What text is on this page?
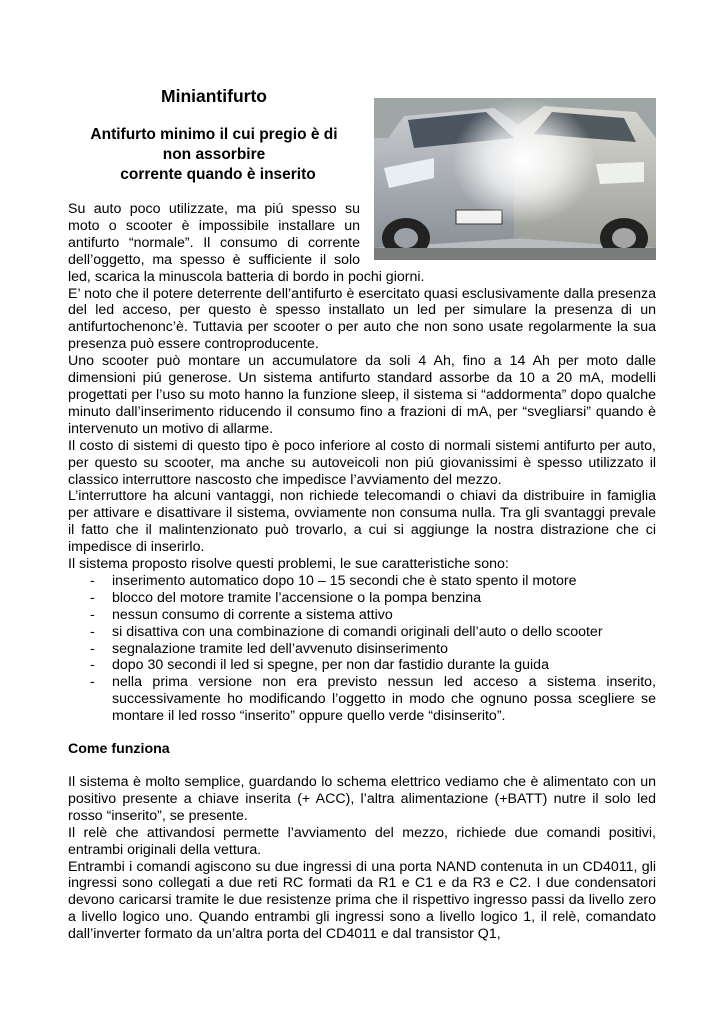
Miniantifurto
Antifurto minimo il cui pregio è di
non assorbire
corrente quando è inserito

Su auto poco utilizzate, ma piú spesso su moto o scooter è impossibile installare un antifurto “normale”. Il consumo di corrente dell’oggetto, ma spesso è sufficiente il solo led, scarica la minuscola batteria di bordo in pochi giorni.

E’ noto che il potere deterrente dell’antifurto è esercitato quasi esclusivamente dalla presenza del led acceso, per questo è spesso installato un led per simulare la presenza di un antifurtochenonc’è. Tuttavia per scooter o per auto che non sono usate regolarmente la sua presenza può essere controproducente.

Uno scooter può montare un accumulatore da soli 4 Ah, fino a 14 Ah per moto dalle dimensioni piú generose. Un sistema antifurto standard assorbe da 10 a 20 mA, modelli progettati per l’uso su moto hanno la funzione sleep, il sistema si “addormenta” dopo qualche minuto dall’inserimento riducendo il consumo fino a frazioni di mA, per “svegliarsi” quando è intervenuto un motivo di allarme.

Il costo di sistemi di questo tipo è poco inferiore al costo di normali sistemi antifurto per auto, per questo su scooter, ma anche su autoveicoli non piú giovanissimi è spesso utilizzato il classico interruttore nascosto che impedisce l’avviamento del mezzo.

L’interruttore ha alcuni vantaggi, non richiede telecomandi o chiavi da distribuire in famiglia per attivare e disattivare il sistema, ovviamente non consuma nulla. Tra gli svantaggi prevale il fatto che il malintenzionato può trovarlo, a cui si aggiunge la nostra distrazione che ci impedisce di inserirlo.

Il sistema proposto risolve questi problemi, le sue caratteristiche sono:

- inserimento automatico dopo 10 – 15 secondi che è stato spento il motore
- blocco del motore tramite l’accensione o la pompa benzina
- nessun consumo di corrente a sistema attivo
- si disattiva con una combinazione di comandi originali dell’auto o dello scooter
- segnalazione tramite led dell’avvenuto disinserimento
- dopo 30 secondi il led si spegne, per non dar fastidio durante la guida
- nella prima versione non era previsto nessun led acceso a sistema inserito, successivamente ho modificando l’oggetto in modo che ognuno possa scegliere se montare il led rosso “inserito” oppure quello verde “disinserito”.
Come funziona

Il sistema è molto semplice, guardando lo schema elettrico vediamo che è alimentato con un positivo presente a chiave inserita (+ ACC), l’altra alimentazione (+BATT) nutre il solo led rosso “inserito”, se presente.

Il relè che attivandosi permette l’avviamento del mezzo, richiede due comandi positivi, entrambi originali della vettura.

Entrambi i comandi agiscono su due ingressi di una porta NAND contenuta in un CD4011, gli ingressi sono collegati a due reti RC formati da R1 e C1 e da R3 e C2. I due condensatori devono caricarsi tramite le due resistenze prima che il rispettivo ingresso passi da livello zero a livello logico uno. Quando entrambi gli ingressi sono a livello logico 1, il relè, comandato dall’inverter formato da un’altra porta del CD4011 e dal transistor Q1,
